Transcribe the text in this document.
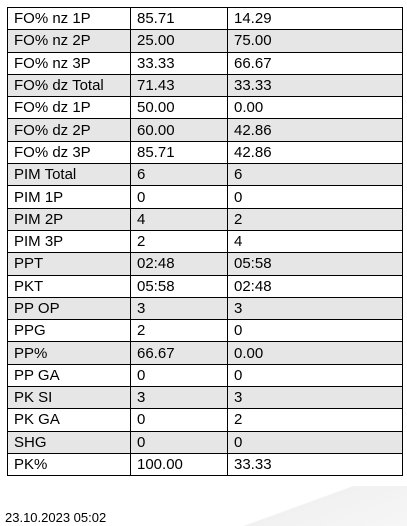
FO% nz 1P	85.71	14.29
FO% nz 2P	25.00	75.00
FO% nz 3P	33.33	66.67
FO% dz Total	71.43	33.33
FO% dz 1P	50.00	0.00
FO% dz 2P	60.00	42.86
FO% dz 3P	85.71	42.86
PIM Total	6	6
PIM 1P	0	0
PIM 2P	4	2
PIM 3P	2	4
PPT	02:48	05:58
PKT	05:58	02:48
PP OP	3	3
PPG	2	0
PP%	66.67	0.00
PP GA	0	0
PK SI	3	3
PK GA	0	2
SHG	0	0
PK%	100.00	33.33
23.10.2023 05:02
